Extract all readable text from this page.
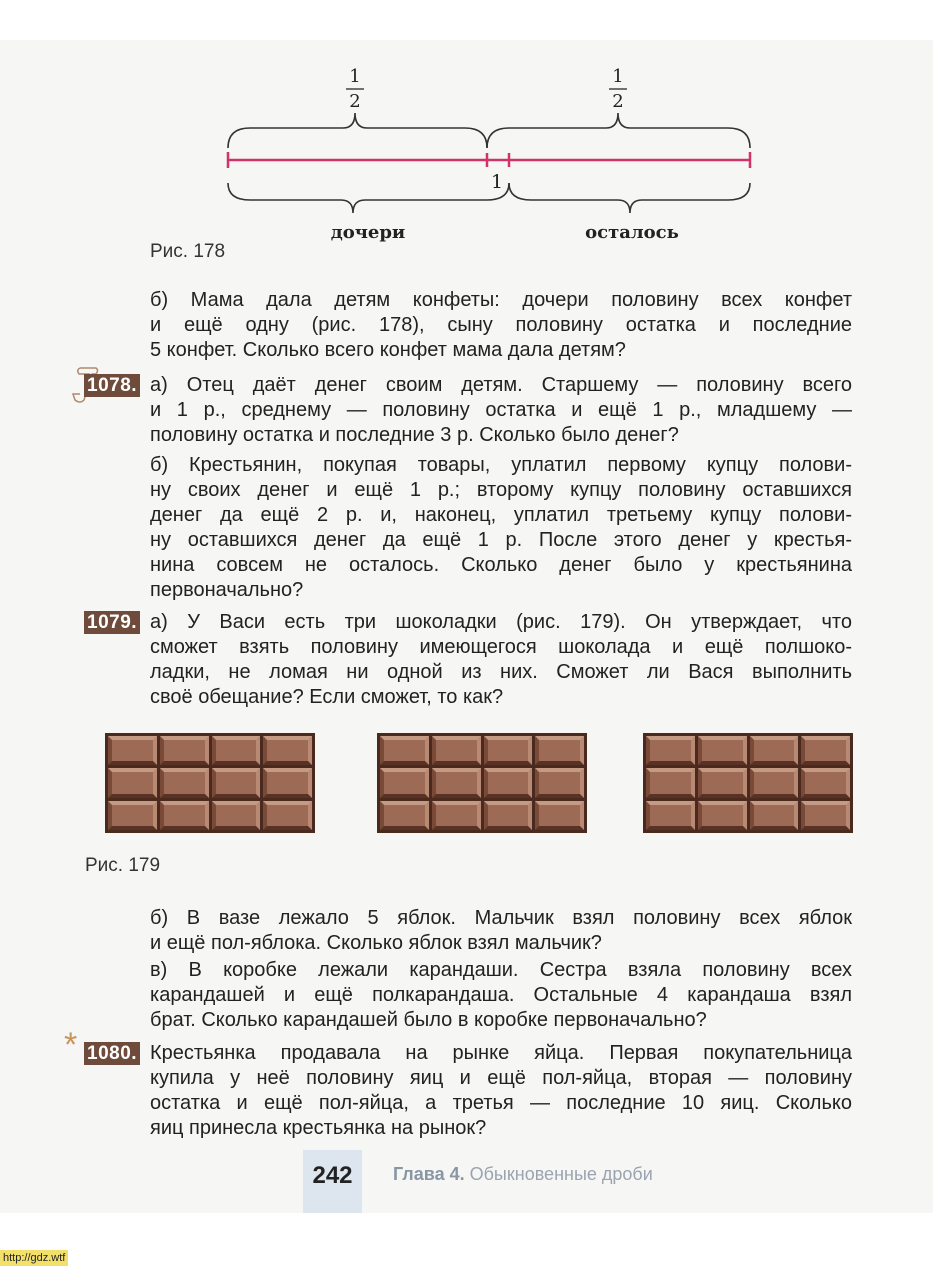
1
2
1
2
1
дочери	осталось
Рис. 178
1078.
1079.
* 1080.
б) Мама дала детям конфеты: дочери половину всех конфет
и ещё одну (рис. 178), сыну половину остатка и последние
5 конфет. Сколько всего конфет мама дала детям?
а) Отец даёт денег своим детям. Старшему — половину всего
и 1 р., среднему — половину остатка и ещё 1 р., младшему —
половину остатка и последние 3 р. Сколько было денег?
б) Крестьянин, покупая товары, уплатил первому купцу полови-
ну своих денег и ещё 1 р.; второму купцу половину оставшихся
денег да ещё 2 р. и, наконец, уплатил третьему купцу полови-
ну оставшихся денег да ещё 1 р. После этого денег у крестья-
нина совсем не осталось. Сколько денег было у крестьянина
первоначально?
а) У Васи есть три шоколадки (рис. 179). Он утверждает, что
сможет взять половину имеющегося шоколада и ещё полшоко-
ладки, не ломая ни одной из них. Сможет ли Вася выполнить
своё обещание? Если сможет, то как?
б) В вазе лежало 5 яблок. Мальчик взял половину всех яблок
и ещё пол-яблока. Сколько яблок взял мальчик?
в) В коробке лежали карандаши. Сестра взяла половину всех
карандашей и ещё полкарандаша. Остальные 4 карандаша взял
брат. Сколько карандашей было в коробке первоначально?
Крестьянка продавала на рынке яйца. Первая покупательница
купила у неё половину яиц и ещё пол-яйца, вторая — половину
остатка и ещё пол-яйца, а третья — последние 10 яиц. Сколько
яиц принесла крестьянка на рынок?
Рис. 179
242	Глава 4. Обыкновенные дроби
http://gdz.wtf
